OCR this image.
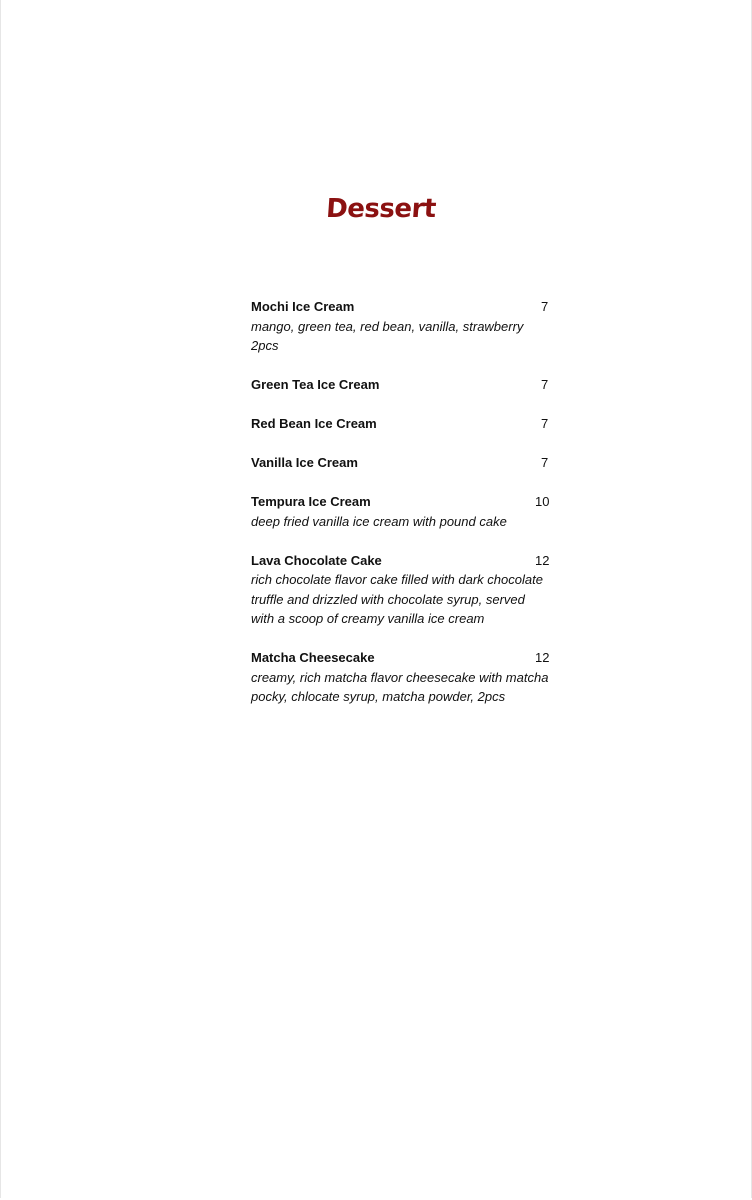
Dessert
Mochi Ice Cream	7
mango, green tea, red bean, vanilla, strawberry
2pcs
Green Tea Ice Cream	7
Red Bean Ice Cream	7
Vanilla Ice Cream	7
Tempura Ice Cream	10
deep fried vanilla ice cream with pound cake
Lava Chocolate Cake	12
rich chocolate flavor cake filled with dark chocolate
truffle and drizzled with chocolate syrup, served
with a scoop of creamy vanilla ice cream
Matcha Cheesecake	12
creamy, rich matcha flavor cheesecake with matcha
pocky, chlocate syrup, matcha powder, 2pcs
